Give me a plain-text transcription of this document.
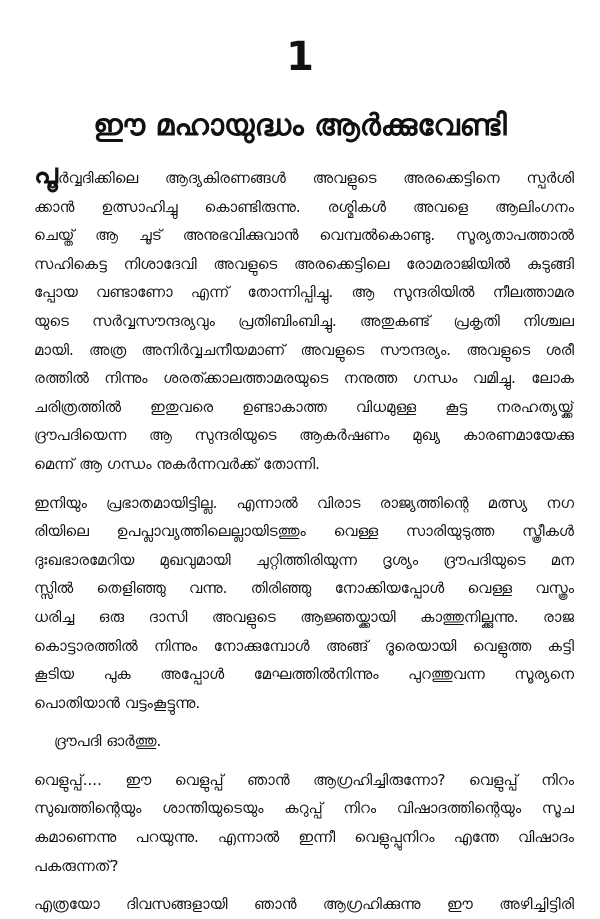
1
ഈ മഹായുദ്ധം ആർക്കുവേണ്ടി
പൂർവ്വദിക്കിലെ ആദ്യകിരണങ്ങൾ അവളുടെ അരക്കെട്ടിനെ സ്പർശി
ക്കാൻ ഉത്സാഹിച്ചു കൊണ്ടിരുന്നു. രശ്മികൾ അവളെ ആലിംഗനം
ചെയ്ത് ആ ചൂട് അനുഭവിക്കുവാൻ വെമ്പൽകൊണ്ടു. സൂര്യതാപത്താൽ
സഹികെട്ട നിശാദേവി അവളുടെ അരക്കെട്ടിലെ രോമരാജിയിൽ കുടുങ്ങി
പ്പോയ വണ്ടാണോ എന്ന് തോന്നിപ്പിച്ചു. ആ സുന്ദരിയിൽ നീലത്താമര
യുടെ സർവ്വസൗന്ദര്യവും പ്രതിബിംബിച്ചു. അതുകണ്ട് പ്രകൃതി നിശ്ചല
മായി. അത്ര അനിർവ്വചനീയമാണ് അവളുടെ സൗന്ദര്യം. അവളുടെ ശരീ
രത്തിൽ നിന്നും ശരത്ക്കാലത്താമരയുടെ നനുത്ത ഗന്ധം വമിച്ചു. ലോക
ചരിത്രത്തിൽ ഇതുവരെ ഉണ്ടാകാത്ത വിധമുള്ള കൂട്ട നരഹത്യയ്ക്ക്
ദ്രൗപദിയെന്ന ആ സുന്ദരിയുടെ ആകർഷണം മുഖ്യ കാരണമായേക്കു
മെന്ന് ആ ഗന്ധം നുകർന്നവർക്ക് തോന്നി.
ഇനിയും പ്രഭാതമായിട്ടില്ല. എന്നാൽ വിരാട രാജ്യത്തിന്റെ മത്സ്യ നഗ
രിയിലെ ഉപപ്ലാവ്യത്തിലെല്ലായിടത്തും വെള്ള സാരിയുടുത്ത സ്ത്രീകൾ
ദുഃഖഭാരമേറിയ മുഖവുമായി ചുറ്റിത്തിരിയുന്ന ദൃശ്യം ദ്രൗപദിയുടെ മന
സ്സിൽ തെളിഞ്ഞു വന്നു. തിരിഞ്ഞു നോക്കിയപ്പോൾ വെള്ള വസ്ത്രം
ധരിച്ച ഒരു ദാസി അവളുടെ ആജ്ഞയ്ക്കായി കാത്തുനില്ക്കുന്നു. രാജ
കൊട്ടാരത്തിൽ നിന്നും നോക്കുമ്പോൾ അങ്ങ് ദൂരെയായി വെളുത്ത കട്ടി
കൂടിയ പുക അപ്പോൾ മേഘത്തിൽനിന്നും പുറത്തുവന്ന സൂര്യനെ
പൊതിയാൻ വട്ടംകൂട്ടുന്നു.
ദ്രൗപദി ഓർത്തു.
വെളുപ്പ്.... ഈ വെളുപ്പ് ഞാൻ ആഗ്രഹിച്ചിരുന്നോ? വെളുപ്പ് നിറം
സുഖത്തിന്റെയും ശാന്തിയുടെയും കറുപ്പ് നിറം വിഷാദത്തിന്റെയും സൂച
കമാണെന്നു പറയുന്നു. എന്നാൽ ഇന്നീ വെളുപ്പുനിറം എന്തേ വിഷാദം
പകരുന്നത്?
എത്രയോ ദിവസങ്ങളായി ഞാൻ ആഗ്രഹിക്കുന്നു ഈ അഴിച്ചിട്ടിരി
